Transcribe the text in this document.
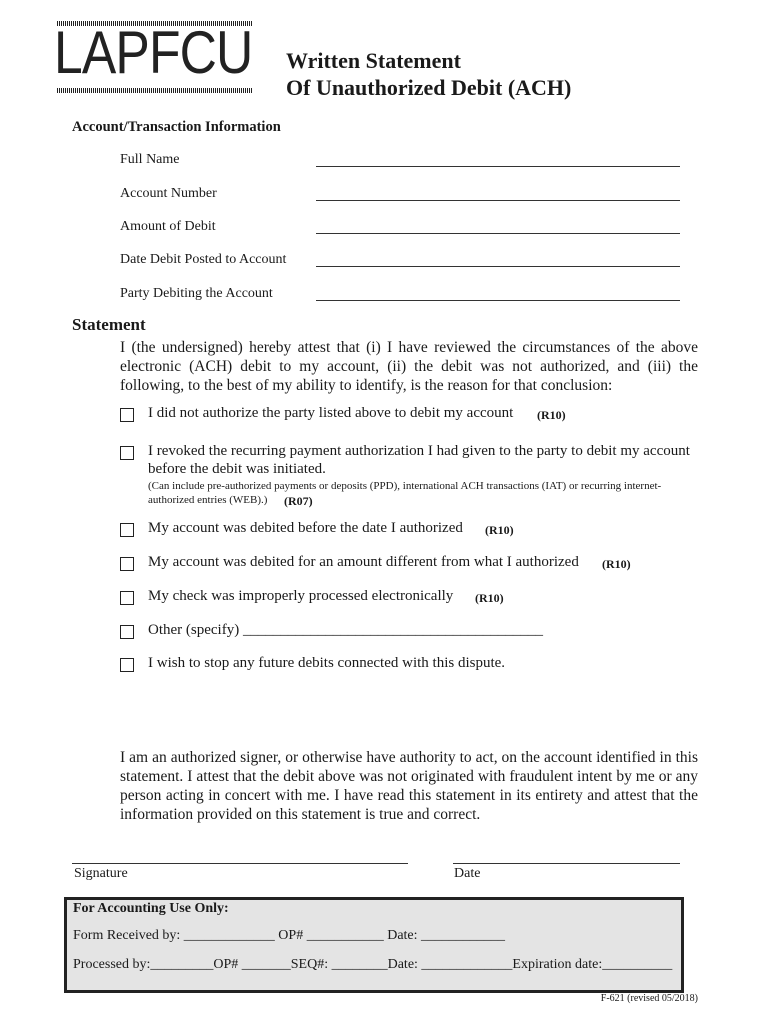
LAPFCU Written Statement
Of Unauthorized Debit (ACH)
Account/Transaction Information
Full Name
Account Number
Amount of Debit
Date Debit Posted to Account
Party Debiting the Account
Statement
I (the undersigned) hereby attest that (i) I have reviewed the circumstances of the above electronic (ACH) debit to my account, (ii) the debit was not authorized, and (iii) the following, to the best of my ability to identify, is the reason for that conclusion:
I did not authorize the party listed above to debit my account (R10)
I revoked the recurring payment authorization I had given to the party to debit my account
before the debit was initiated.
(Can include pre-authorized payments or deposits (PPD), international ACH transactions (IAT) or recurring internet-
authorized entries (WEB).) (R07)
My account was debited before the date I authorized (R10)
My account was debited for an amount different from what I authorized (R10)
My check was improperly processed electronically (R10)
Other (specify) ________________________________________
I wish to stop any future debits connected with this dispute.
I am an authorized signer, or otherwise have authority to act, on the account identified in this statement. I attest that the debit above was not originated with fraudulent intent by me or any person acting in concert with me. I have read this statement in its entirety and attest that the information provided on this statement is true and correct.
Signature	Date
For Accounting Use Only:
Form Received by: _____________ OP# ___________ Date: ____________
Processed by:_________OP# _______SEQ#: ________Date: _____________Expiration date:__________
F-621 (revised 05/2018)
